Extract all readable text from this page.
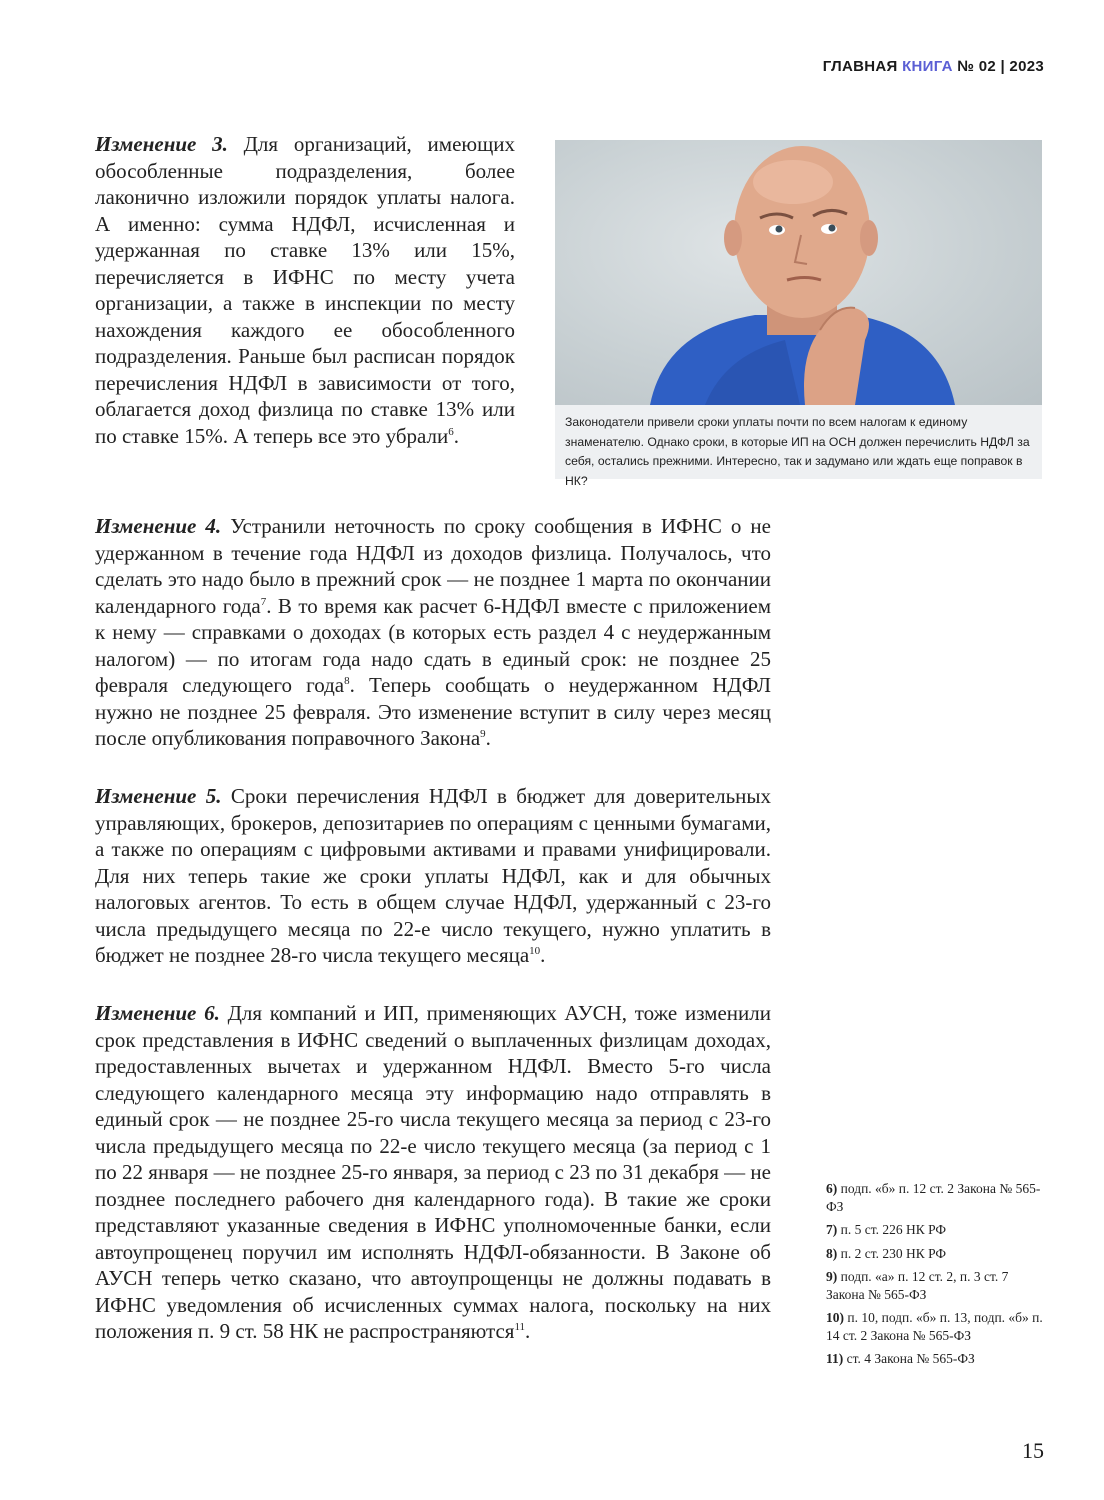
ГЛАВНАЯ КНИГА № 02 | 2023

Изменение 3. Для организаций, имеющих обособленные подразделения, более лаконично изложили порядок уплаты налога. А именно: сумма НДФЛ, исчисленная и удержанная по ставке 13% или 15%, перечисляется в ИФНС по месту учета организации, а также в инспекции по месту нахождения каждого ее обособленного подразделения. Раньше был расписан порядок перечисления НДФЛ в зависимости от того, облагается доход физлица по ставке 13% или по ставке 15%. А теперь все это убрали$^6$.

Законодатели привели сроки уплаты почти по всем налогам к единому знаменателю. Однако сроки, в которые ИП на ОСН должен перечислить НДФЛ за себя, остались прежними. Интересно, так и задумано или ждать еще поправок в НК?

Изменение 4. Устранили неточность по сроку сообщения в ИФНС о не удержанном в течение года НДФЛ из доходов физлица. Получалось, что сделать это надо было в прежний срок — не позднее 1 марта по окончании календарного года$^7$. В то время как расчет 6-НДФЛ вместе с приложением к нему — справками о доходах (в которых есть раздел 4 с неудержанным налогом) — по итогам года надо сдать в единый срок: не позднее 25 февраля следующего года$^8$. Теперь сообщать о неудержанном НДФЛ нужно не позднее 25 февраля. Это изменение вступит в силу через месяц после опубликования поправочного Закона$^9$.

Изменение 5. Сроки перечисления НДФЛ в бюджет для доверительных управляющих, брокеров, депозитариев по операциям с ценными бумагами, а также по операциям с цифровыми активами и правами унифицировали. Для них теперь такие же сроки уплаты НДФЛ, как и для обычных налоговых агентов. То есть в общем случае НДФЛ, удержанный с 23-го числа предыдущего месяца по 22-е число текущего, нужно уплатить в бюджет не позднее 28-го числа текущего месяца$^{10}$.

Изменение 6. Для компаний и ИП, применяющих АУСН, тоже изменили срок представления в ИФНС сведений о выплаченных физлицам доходах, предоставленных вычетах и удержанном НДФЛ. Вместо 5-го числа следующего календарного месяца эту информацию надо отправлять в единый срок — не позднее 25-го числа текущего месяца за период с 23-го числа предыдущего месяца по 22-е число текущего месяца (за период с 1 по 22 января — не позднее 25-го января, за период с 23 по 31 декабря — не позднее последнего рабочего дня календарного года). В такие же сроки представляют указанные сведения в ИФНС уполномоченные банки, если автоупрощенец поручил им исполнять НДФЛ-обязанности. В Законе об АУСН теперь четко сказано, что автоупрощенцы не должны подавать в ИФНС уведомления об исчисленных суммах налога, поскольку на них положения п. 9 ст. 58 НК не распространяются$^{11}$.

6) подп. «б» п. 12 ст. 2 Закона № 565-ФЗ

7) п. 5 ст. 226 НК РФ

8) п. 2 ст. 230 НК РФ

9) подп. «а» п. 12 ст. 2, п. 3 ст. 7 Закона № 565-ФЗ

10) п. 10, подп. «б» п. 13, подп. «б» п. 14 ст. 2 Закона № 565-ФЗ

11) ст. 4 Закона № 565-ФЗ

15
